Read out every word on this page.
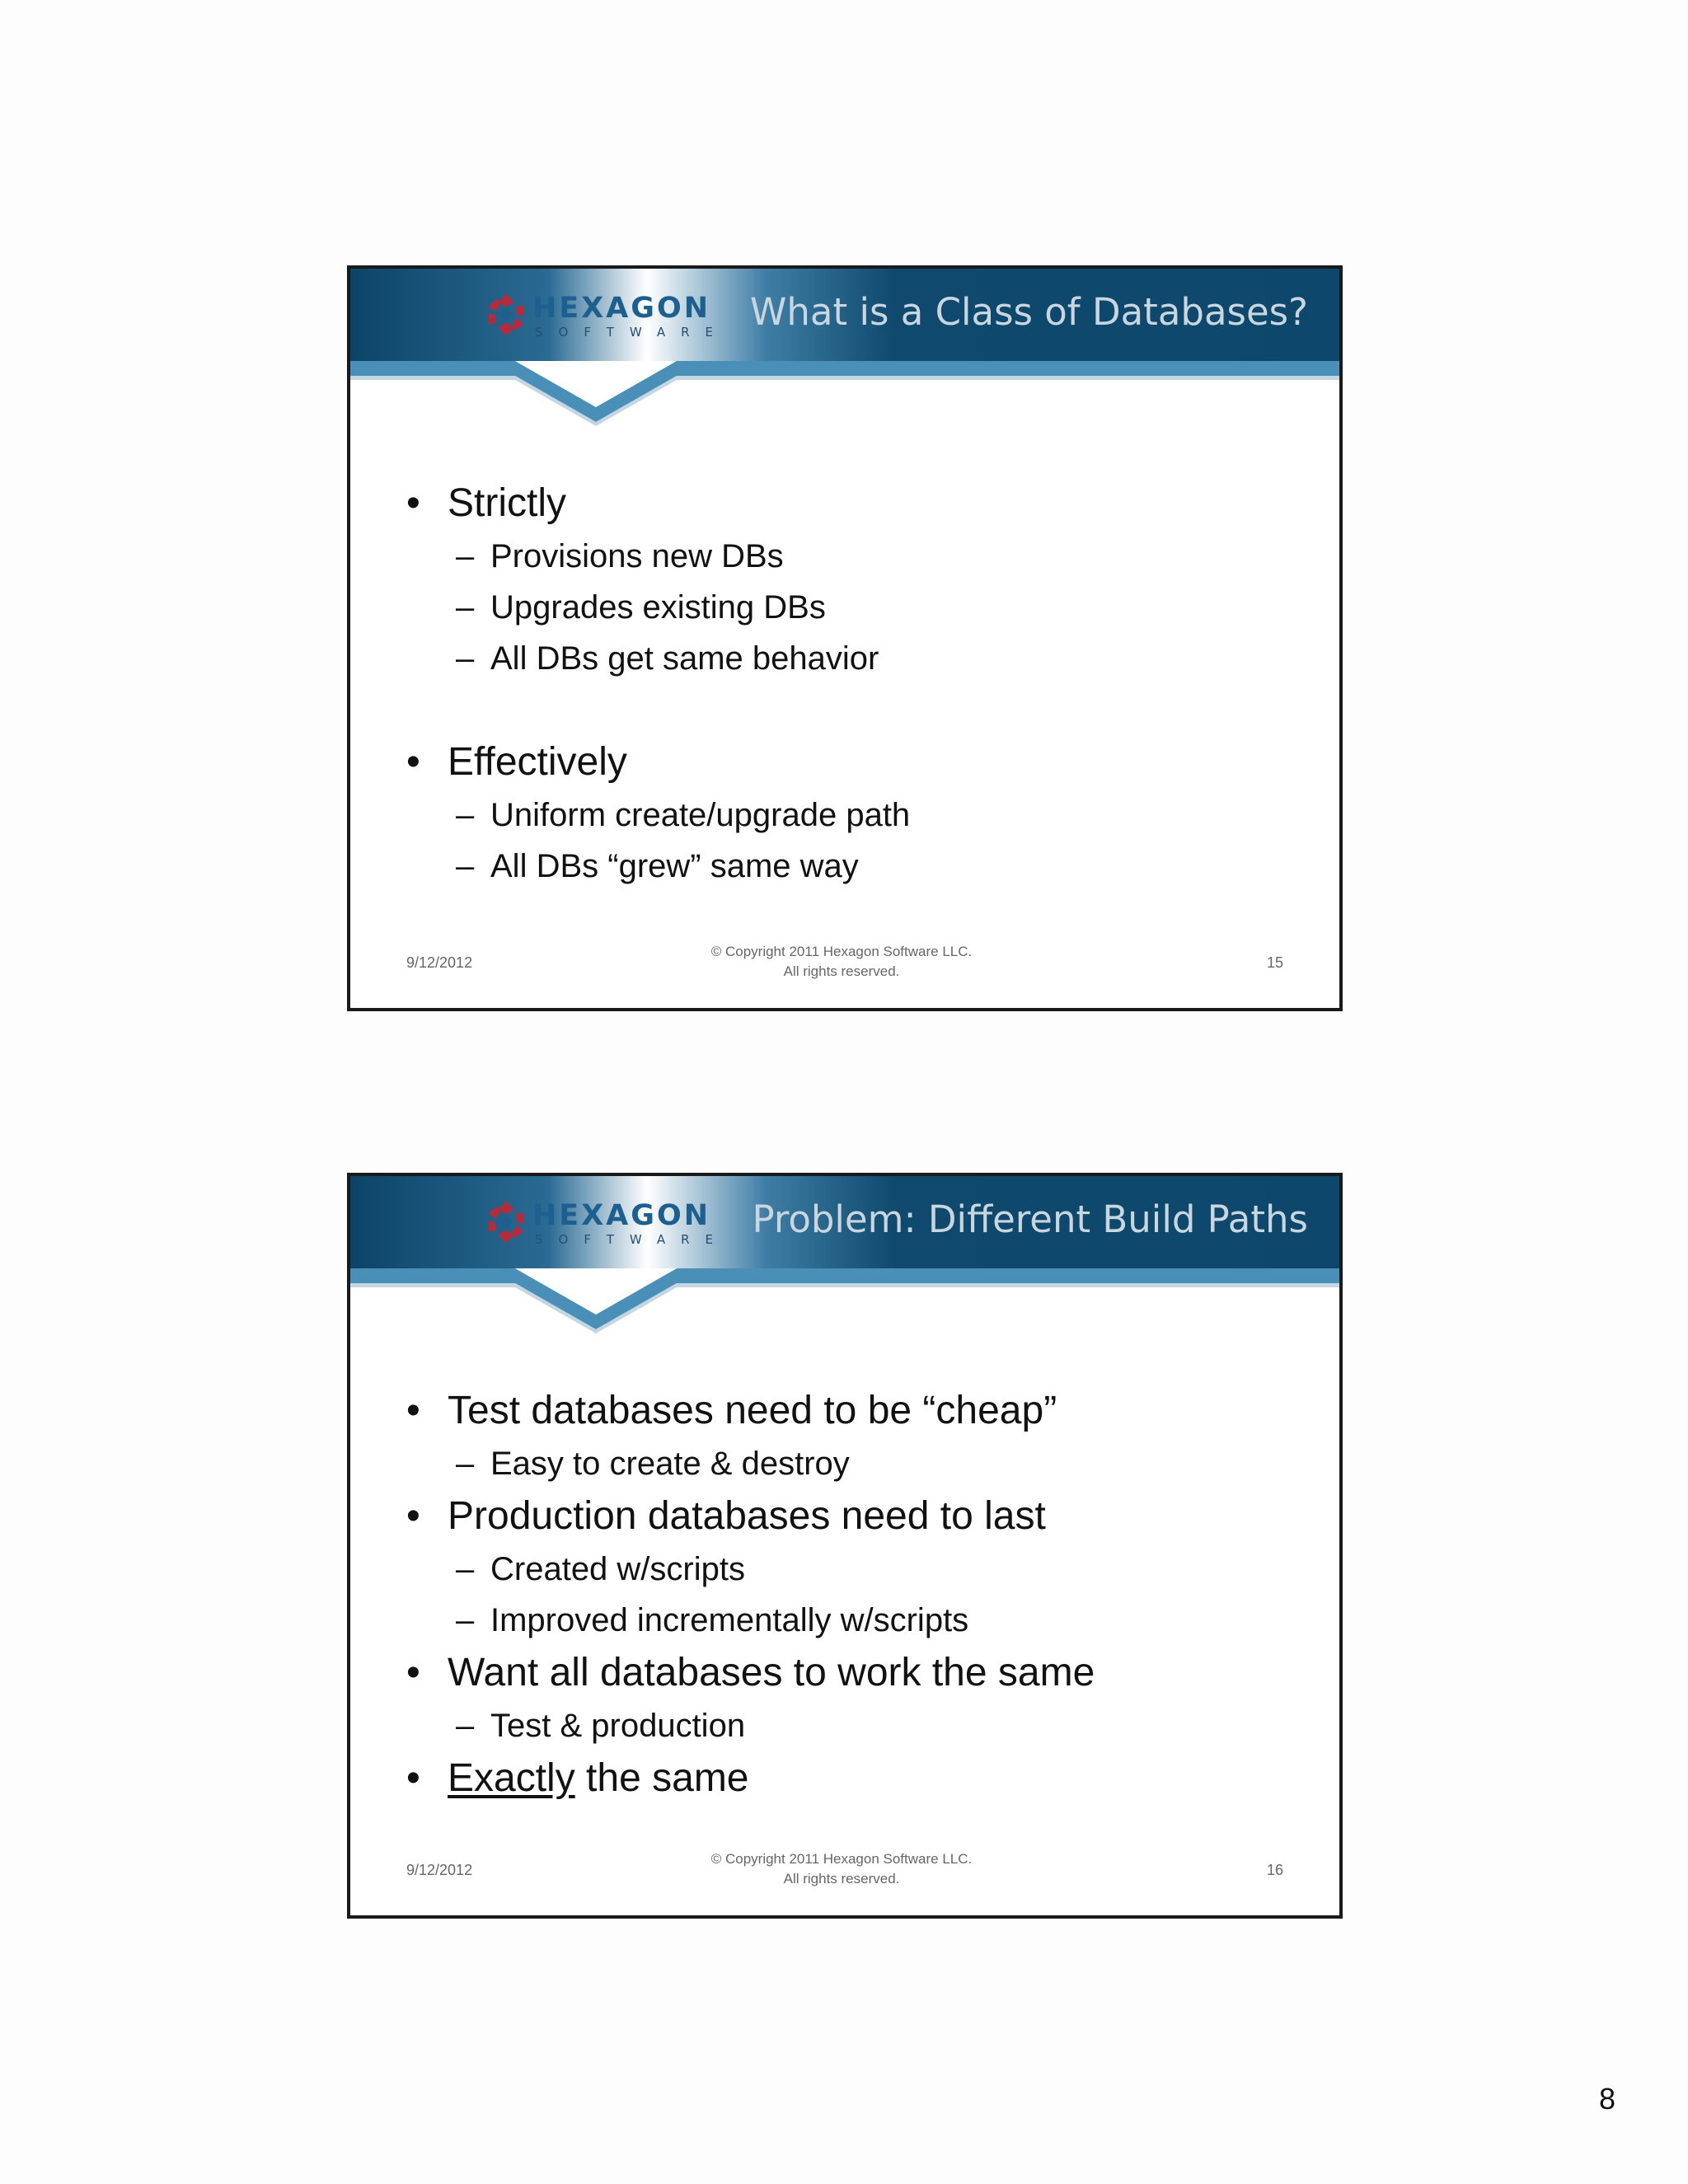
HEXAGON
SOFTWARE What is a Class of Databases?
• Strictly
– Provisions new DBs
– Upgrades existing DBs
– All DBs get same behavior
• Effectively
– Uniform create/upgrade path
– All DBs “grew” same way
9/12/2012
© Copyright 2011 Hexagon Software LLC.
All rights reserved.
15
HEXAGON
SOFTWARE Problem: Different Build Paths
• Test databases need to be “cheap”
– Easy to create & destroy
• Production databases need to last
– Created w/scripts
– Improved incrementally w/scripts
• Want all databases to work the same
– Test & production
• Exactly the same
9/12/2012
© Copyright 2011 Hexagon Software LLC.
All rights reserved.
16
8
